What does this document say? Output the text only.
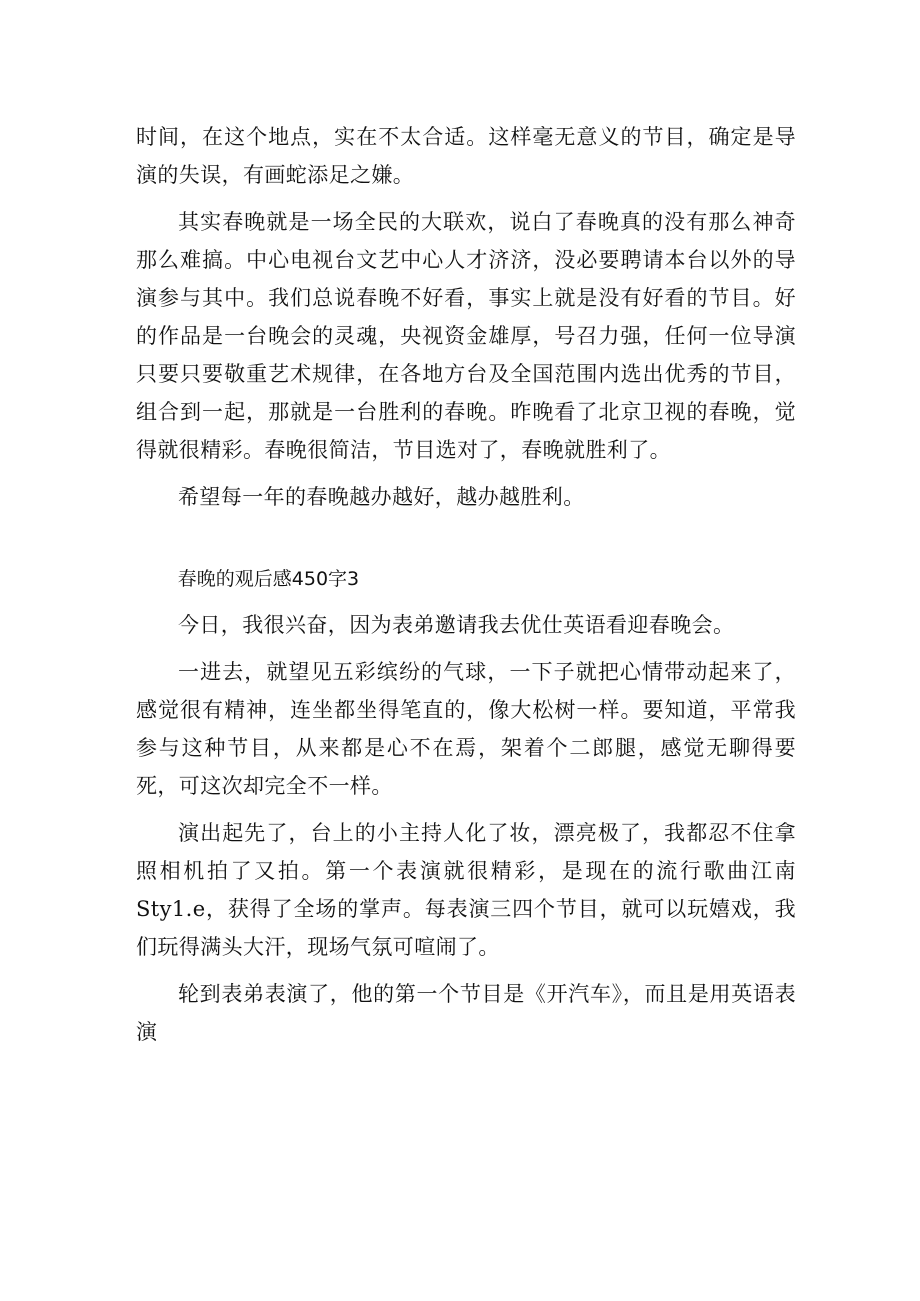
时间，在这个地点，实在不太合适。这样毫无意义的节目，确定是导演的失误，有画蛇添足之嫌。

其实春晚就是一场全民的大联欢，说白了春晚真的没有那么神奇那么难搞。中心电视台文艺中心人才济济，没必要聘请本台以外的导演参与其中。我们总说春晚不好看，事实上就是没有好看的节目。好的作品是一台晚会的灵魂，央视资金雄厚，号召力强，任何一位导演只要只要敬重艺术规律，在各地方台及全国范围内选出优秀的节目，组合到一起，那就是一台胜利的春晚。昨晚看了北京卫视的春晚，觉得就很精彩。春晚很简洁，节目选对了，春晚就胜利了。

希望每一年的春晚越办越好，越办越胜利。

春晚的观后感450字3

今日，我很兴奋，因为表弟邀请我去优仕英语看迎春晚会。

一进去，就望见五彩缤纷的气球，一下子就把心情带动起来了，感觉很有精神，连坐都坐得笔直的，像大松树一样。要知道，平常我参与这种节目，从来都是心不在焉，架着个二郎腿，感觉无聊得要死，可这次却完全不一样。

演出起先了，台上的小主持人化了妆，漂亮极了，我都忍不住拿照相机拍了又拍。第一个表演就很精彩，是现在的流行歌曲江南Sty1.e，获得了全场的掌声。每表演三四个节目，就可以玩嬉戏，我们玩得满头大汗，现场气氛可喧闹了。

轮到表弟表演了，他的第一个节目是《开汽车》，而且是用英语表演
